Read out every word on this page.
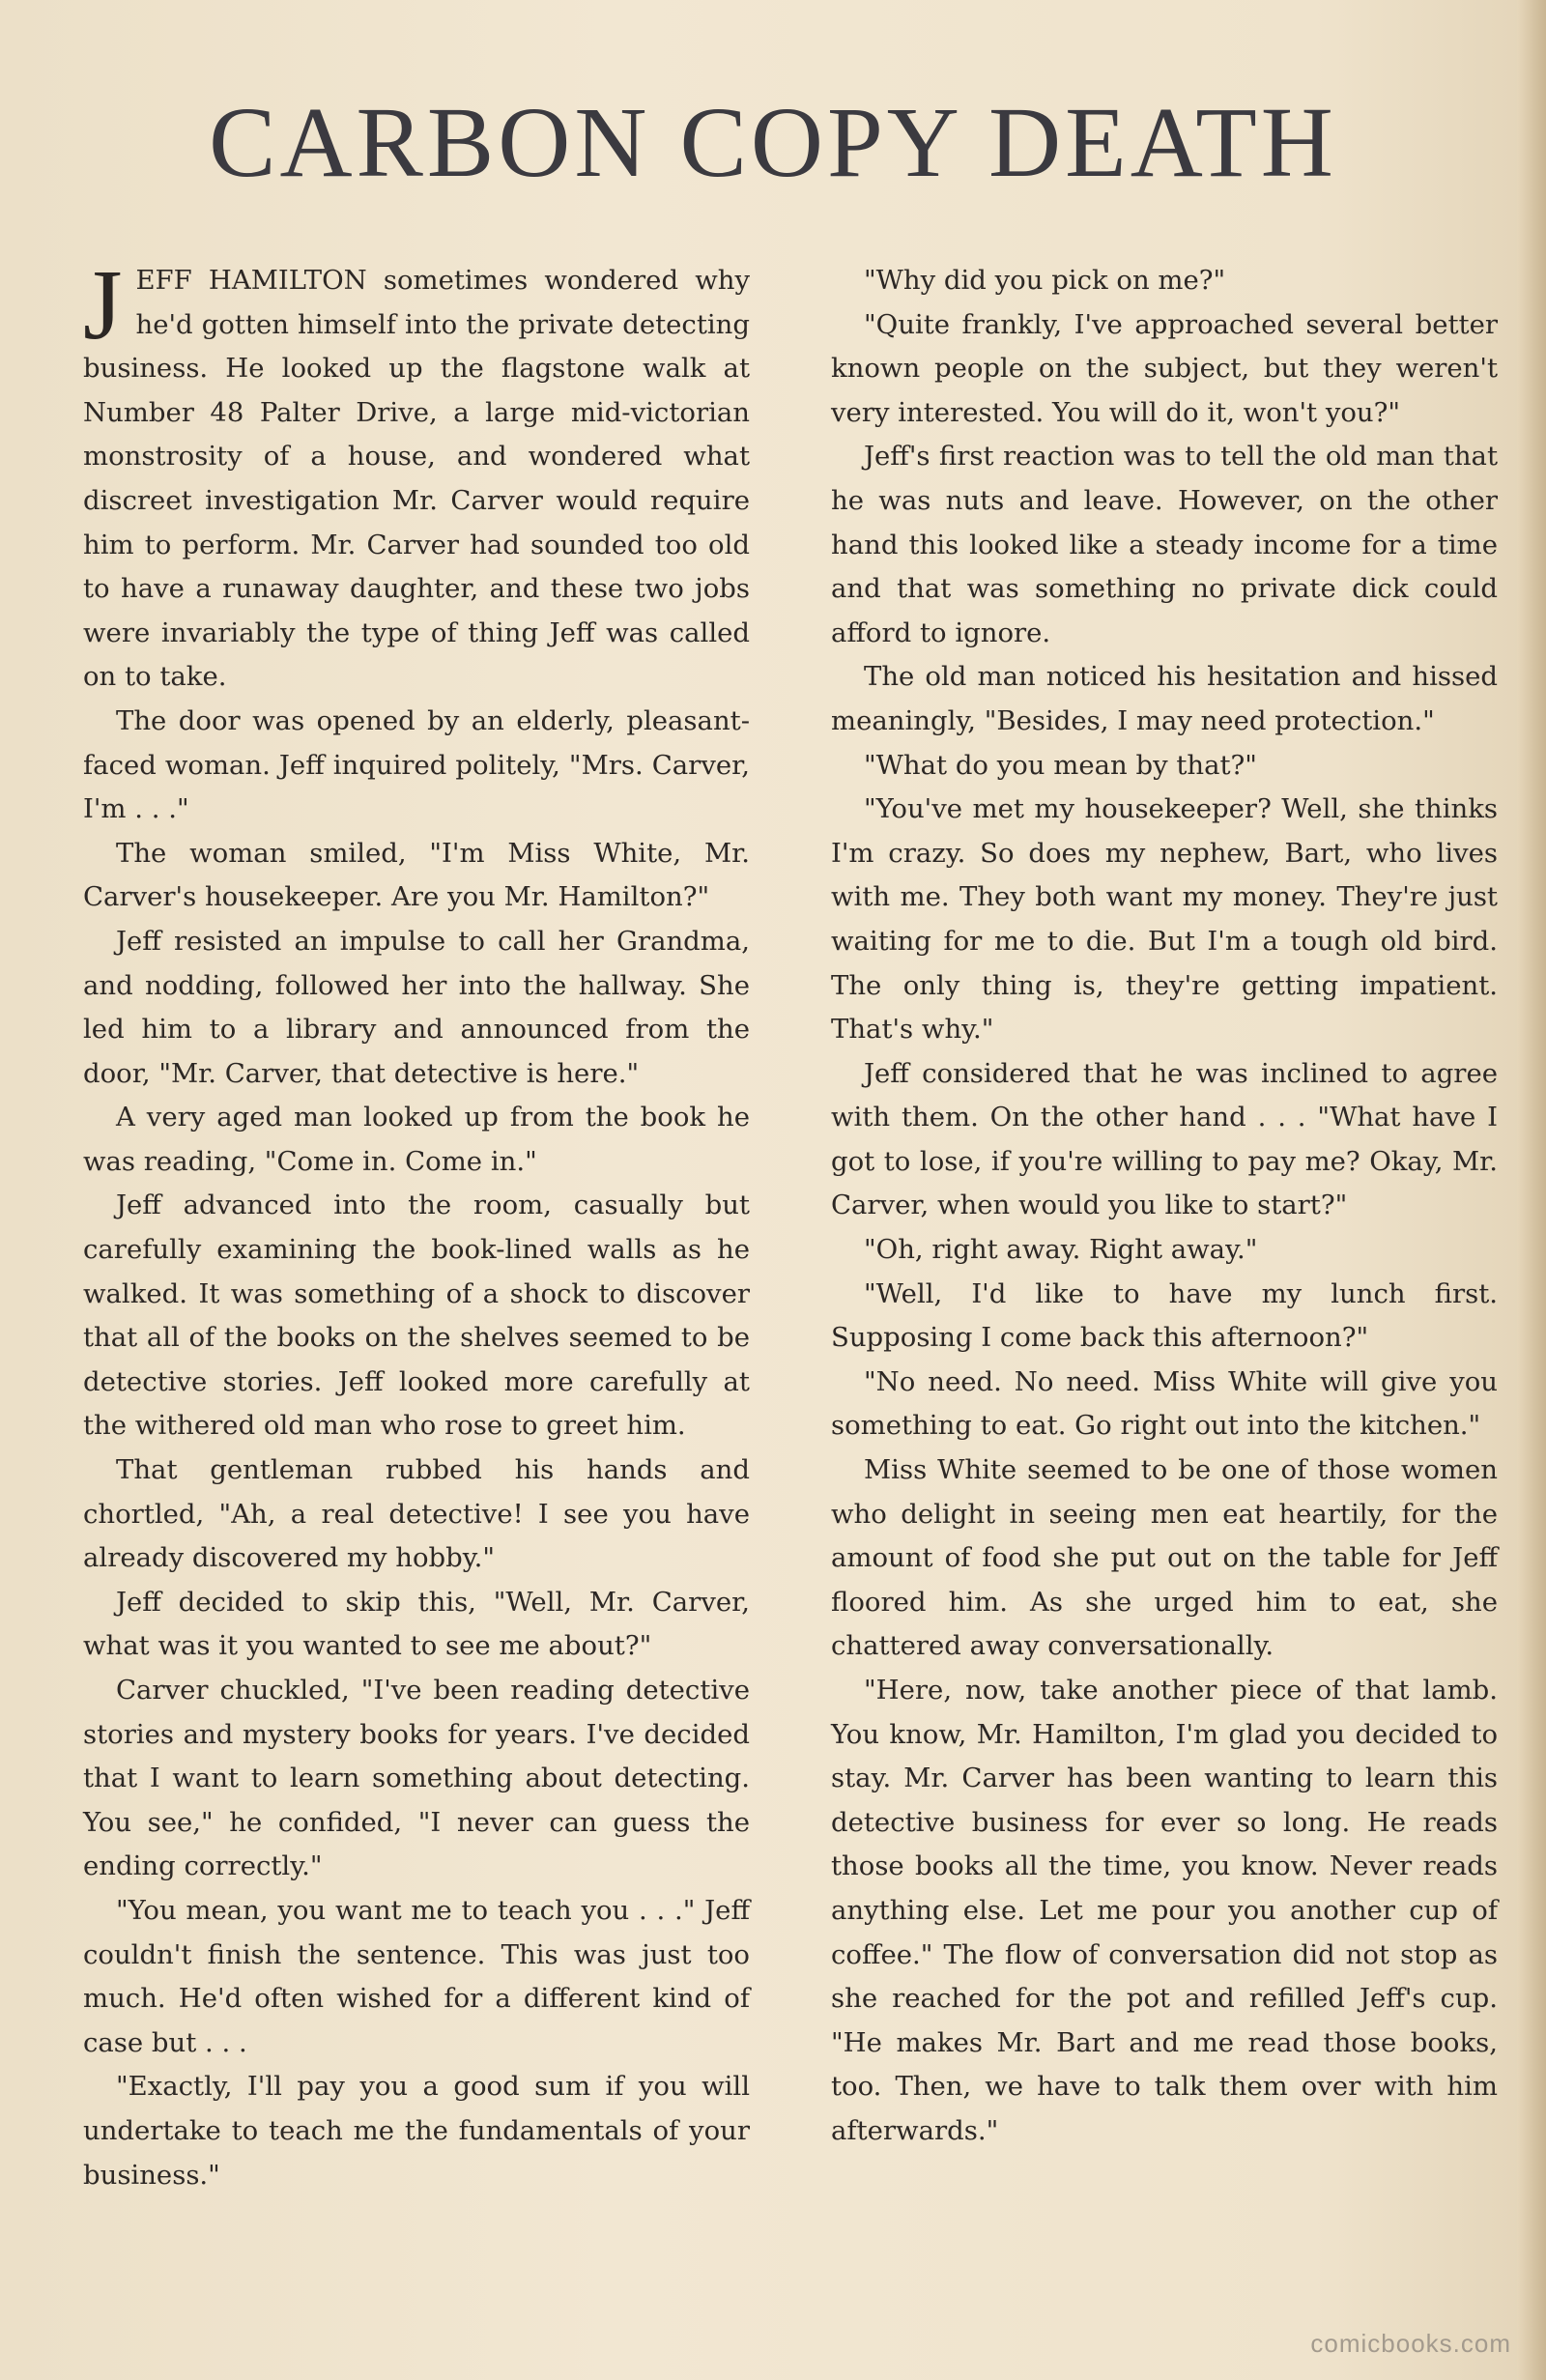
CARBON COPY DEATH

JEFF HAMILTON sometimes wondered why he'd gotten himself into the private detecting business. He looked up the flagstone walk at Number 48 Palter Drive, a large mid-victorian monstrosity of a house, and wondered what discreet investigation Mr. Carver would require him to perform. Mr. Carver had sounded too old to have a runaway daughter, and these two jobs were invariably the type of thing Jeff was called on to take.

The door was opened by an elderly, pleasant-faced woman. Jeff inquired politely, "Mrs. Carver, I'm . . ."

The woman smiled, "I'm Miss White, Mr. Carver's housekeeper. Are you Mr. Hamilton?"

Jeff resisted an impulse to call her Grandma, and nodding, followed her into the hallway. She led him to a library and announced from the door, "Mr. Carver, that detective is here."

A very aged man looked up from the book he was reading, "Come in. Come in."

Jeff advanced into the room, casually but carefully examining the book-lined walls as he walked. It was something of a shock to discover that all of the books on the shelves seemed to be detective stories. Jeff looked more carefully at the withered old man who rose to greet him.

That gentleman rubbed his hands and chortled, "Ah, a real detective! I see you have already discovered my hobby."

Jeff decided to skip this, "Well, Mr. Carver, what was it you wanted to see me about?"

Carver chuckled, "I've been reading detective stories and mystery books for years. I've decided that I want to learn something about detecting. You see," he confided, "I never can guess the ending correctly."

"You mean, you want me to teach you . . ." Jeff couldn't finish the sentence. This was just too much. He'd often wished for a different kind of case but . . .

"Exactly, I'll pay you a good sum if you will undertake to teach me the fundamentals of your business."

"Why did you pick on me?"

"Quite frankly, I've approached several better known people on the subject, but they weren't very interested. You will do it, won't you?"

Jeff's first reaction was to tell the old man that he was nuts and leave. However, on the other hand this looked like a steady income for a time and that was something no private dick could afford to ignore.

The old man noticed his hesitation and hissed meaningly, "Besides, I may need protection."

"What do you mean by that?"

"You've met my housekeeper? Well, she thinks I'm crazy. So does my nephew, Bart, who lives with me. They both want my money. They're just waiting for me to die. But I'm a tough old bird. The only thing is, they're getting impatient. That's why."

Jeff considered that he was inclined to agree with them. On the other hand . . . "What have I got to lose, if you're willing to pay me? Okay, Mr. Carver, when would you like to start?"

"Oh, right away. Right away."

"Well, I'd like to have my lunch first. Supposing I come back this afternoon?"

"No need. No need. Miss White will give you something to eat. Go right out into the kitchen."

Miss White seemed to be one of those women who delight in seeing men eat heartily, for the amount of food she put out on the table for Jeff floored him. As she urged him to eat, she chattered away conversationally.

"Here, now, take another piece of that lamb. You know, Mr. Hamilton, I'm glad you decided to stay. Mr. Carver has been wanting to learn this detective business for ever so long. He reads those books all the time, you know. Never reads anything else. Let me pour you another cup of coffee." The flow of conversation did not stop as she reached for the pot and refilled Jeff's cup. "He makes Mr. Bart and me read those books, too. Then, we have to talk them over with him afterwards."

comicbooks.com
